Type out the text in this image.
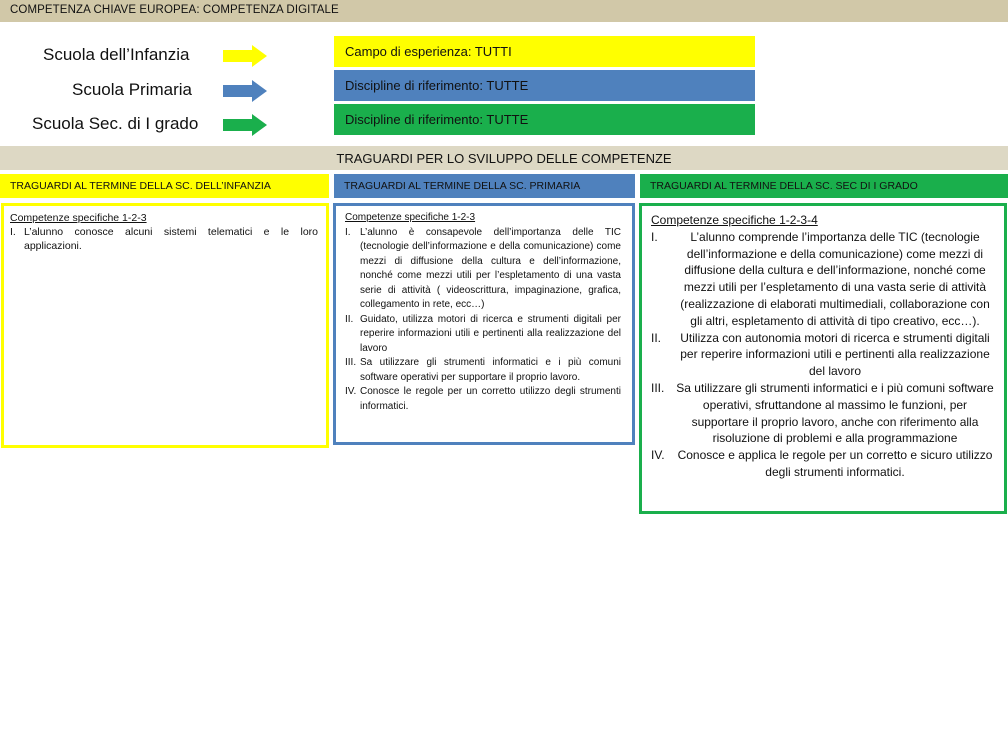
COMPETENZA CHIAVE EUROPEA: COMPETENZA DIGITALE
Scuola dell’Infanzia	Campo di esperienza: TUTTI
Scuola Primaria	Discipline di riferimento: TUTTE
Scuola Sec. di I grado	Discipline di riferimento: TUTTE
TRAGUARDI PER LO SVILUPPO DELLE COMPETENZE
TRAGUARDI AL TERMINE DELLA SC. DELL’INFANZIA	TRAGUARDI AL TERMINE DELLA SC. PRIMARIA	TRAGUARDI AL TERMINE DELLA SC. SEC DI I GRADO
Competenze specifiche 1-2-3
I. L’alunno conosce alcuni sistemi telematici e le loro applicazioni.
Competenze specifiche 1-2-3
I. L’alunno è consapevole dell’importanza delle TIC (tecnologie dell’informazione e della comunicazione) come mezzi di diffusione della cultura e dell’informazione, nonché come mezzi utili per l’espletamento di una vasta serie di attività ( videoscrittura, impaginazione, grafica, collegamento in rete, ecc…)
II. Guidato, utilizza motori di ricerca e strumenti digitali per reperire informazioni utili e pertinenti alla realizzazione del lavoro
III. Sa utilizzare gli strumenti informatici e i più comuni software operativi per supportare il proprio lavoro.
IV. Conosce le regole per un corretto utilizzo degli strumenti informatici.
Competenze specifiche 1-2-3-4
I.	L’alunno comprende l’importanza delle TIC (tecnologie dell’informazione e della comunicazione) come mezzi di diffusione della cultura e dell’informazione, nonché come mezzi utili per l’espletamento di una vasta serie di attività (realizzazione di elaborati multimediali, collaborazione con gli altri, espletamento di attività di tipo creativo, ecc…).
II. Utilizza con autonomia motori di ricerca e strumenti digitali per reperire informazioni utili e pertinenti alla realizzazione del lavoro
III. Sa utilizzare gli strumenti informatici e i più comuni software operativi, sfruttandone al massimo le funzioni, per supportare il proprio lavoro, anche con riferimento alla risoluzione di problemi e alla programmazione
IV. Conosce e applica le regole per un corretto e sicuro utilizzo degli strumenti informatici.
